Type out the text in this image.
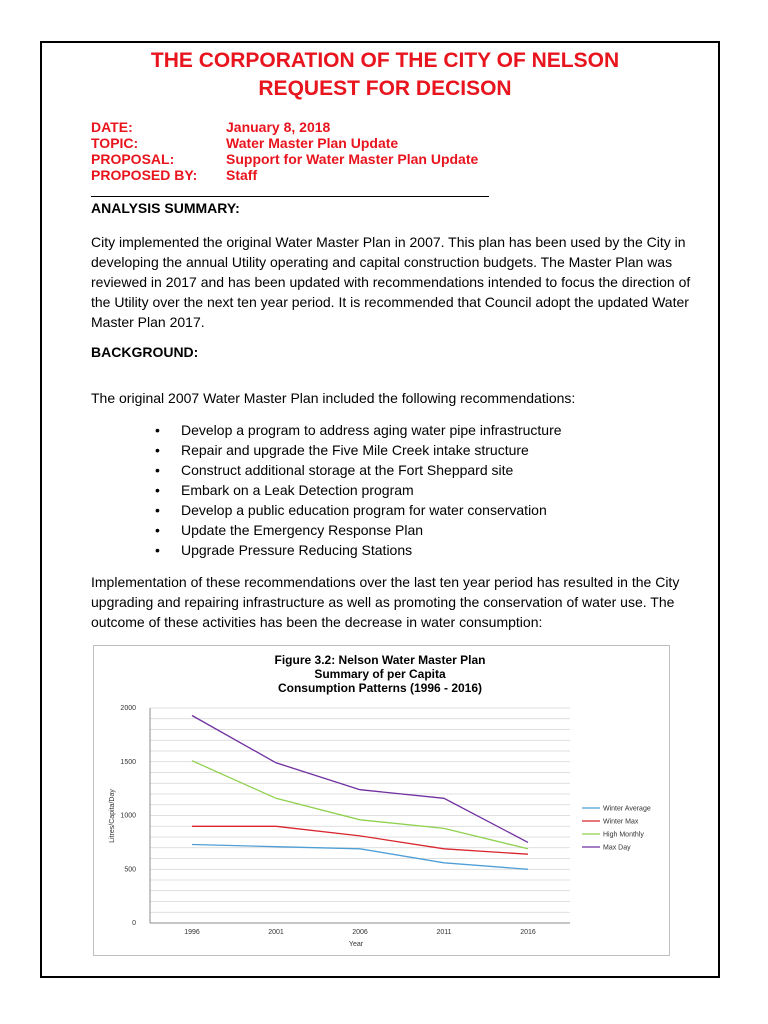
THE CORPORATION OF THE CITY OF NELSON
REQUEST FOR DECISON
DATE:	January 8, 2018
TOPIC:	Water Master Plan Update
PROPOSAL:	Support for Water Master Plan Update
PROPOSED BY: Staff
ANALYSIS SUMMARY:

City implemented the original Water Master Plan in 2007. This plan has been used by the City in developing the annual Utility operating and capital construction budgets. The Master Plan was reviewed in 2017 and has been updated with recommendations intended to focus the direction of the Utility over the next ten year period. It is recommended that Council adopt the updated Water Master Plan 2017.

BACKGROUND:

The original 2007 Water Master Plan included the following recommendations:

• Develop a program to address aging water pipe infrastructure
• Repair and upgrade the Five Mile Creek intake structure
• Construct additional storage at the Fort Sheppard site
• Embark on a Leak Detection program
• Develop a public education program for water conservation
• Update the Emergency Response Plan
• Upgrade Pressure Reducing Stations

Implementation of these recommendations over the last ten year period has resulted in the City upgrading and repairing infrastructure as well as promoting the conservation of water use. The outcome of these activities has been the decrease in water consumption:

Figure 3.2: Nelson Water Master Plan
Summary of per Capita
Consumption Patterns (1996 - 2016)
0
500
1000
1500
2000
1996	2001	2006	2011	2016
Winter Average
Winter Max
High Monthly
Max Day
Year
Litres/Capita/Day
